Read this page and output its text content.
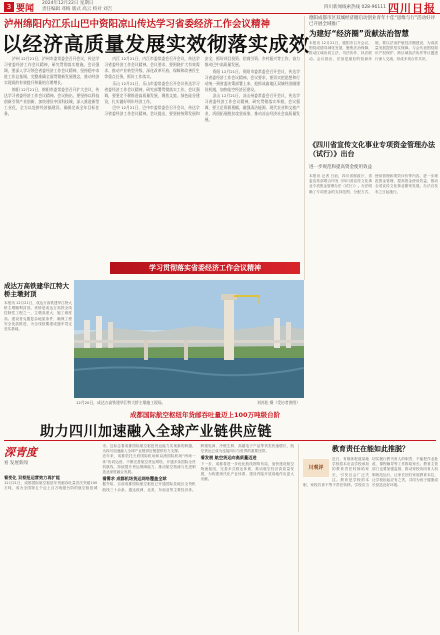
3 要闻
2024年12月22日 星期日
责任编辑 邓梅 版式 高云 校对 刘吉	四川新闻线索热线 028-96111 四川日报
泸州绵阳内江乐山巴中资阳凉山传达学习省委经济工作会议精神
以经济高质量发展实效彻落实成效

泸州 12月21日，泸州市委常委会召开会议，传达学习省委经济工作会议精神，研究贯彻落实措施。会议强调，要深入学习领会省委经济工作会议精神，坚持稳中求进工作总基调，完整准确全面贯彻新发展理念，推动经济实现质的有效提升和量的合理增长。

绵阳 12月21日，绵阳市委常委会召开扩大会议，传达学习省委经济工作会议精神。会议指出，要坚持以科技创新引领产业创新，加快建设中国科技城，深入推进新型工业化，全力以赴拼经济搞建设，确保完成全年目标任务。

内江 12月21日，内江市委常委会召开会议，传达学习省委经济工作会议精神。会议要求，要围绕扩大有效需求、推动产业转型升级、深化改革开放、保障和改善民生等重点任务，抓好工作落实。

乐山 12月21日，乐山市委常委会召开会议传达学习省委经济工作会议精神，研究部署贯彻落实工作。会议强调，要坚定不移推进高质量发展，聚焦文旅、绿色硅谷建设，扎实做好明年经济工作。

巴中 12月21日，巴中市委常委会召开会议，传达学习省委经济工作会议精神。会议提出，要坚持统筹发展和安全，抓好项目投资、招商引资、乡村振兴等工作，奋力推动巴中高质量发展。

资阳 12月21日，资阳市委常委会召开会议，传达学习省委经济工作会议精神。会议要求，要切实把思想和行动统一到省委决策部署上来，抢抓成渝地区双城经济圈建设机遇，加快临空经济区建设。

凉山 12月21日，凉山州委常委会召开会议，传达学习省委经济工作会议精神，研究贯彻落实举措。会议强调，要立足资源禀赋，做强清洁能源、现代农业和文旅产业，巩固拓展脱贫攻坚成果，推动凉山经济社会高质量发展。

学习贯彻落实省委经济工作会议精神
德阳成都市区双城经济圈启动创业青年十佳“思维与行”活动好评已开展全域推广
为建好“经济圈”贡献法治智慧
本报讯 12月21日，德阳市召开会议，围绕成德同城化发展，聚焦法治保障，推动区域协同立法、司法协作、执法联动。会议指出，法治是最好的营商环境，要以法治护航经济圈建设，为高质量发展提供坚实保障。与会代表围绕知识产权保护、跨区域执法协作等议题进行深入交流，形成多项合作共识。
《四川省宣传文化事业专项资金管理办法（试行）》出台
进一步规范和提高资金使用效益
本报讯 记者 日前，四川省财政厅、省委宣传部联合印发《四川省宣传文化事业专项资金管理办法（试行）》。办法明确了专项资金的支持范围、分配方式、使用管理和绩效评价等内容，进一步规范资金管理，提高资金使用效益，推动全省宣传文化事业繁荣发展。办法自发布之日起施行。
成达万高铁建华江特大桥主墩封顶
本报讯 12月21日，成达万高铁建华江特大桥主墩顺利封顶。该桥是成达万高铁全线控制性工程之一，主墩高度大，施工难度高。建设者克服复杂地质条件，确保工程安全优质推进，为全线按期建成通车奠定坚实基础。
12月20日，成达万高铁建华江特大桥主墩施工现场。	刘苏松 摄（受访者供图）
成都国际航空枢纽年货邮吞吐量迈上100万吨级台阶
助力四川加速融入全球产业链供应链
看变化 双枢纽运营效力再扩能

12月21日，成都国际航空枢纽年货邮吞吐量首次突破100万吨，成为全国第五个迈上百万吨级台阶的航空枢纽城市。这标志着成都国际航空枢纽货运能力实现新的跨越，为四川加速融入全球产业链供应链提供有力支撑。

近年来，成都依托天府国际机场和双流国际机场“两场一体”协同运营，不断完善航空货运网络，开通多条国际全货机航线，持续提升货运保障能力，推动航空物流与先进制造业深度融合发展。

看需求 成都机场货运网络覆盖全球

据介绍，目前成都国际航空枢纽已开通国际及地区全货机航线三十余条，通达欧洲、北美、东南亚等主要经济体。跨境电商、冷链生鲜、高端电子产品等货类快速增长，航空货运已成为连接四川与世界的重要纽带。

看发展 航空货运向高质量迈进

下一步，成都将进一步优化航线网络布局，加快建设航空物流枢纽，完善多式联运体系，推动航空经济高质量发展，为构建现代化产业体系、建设内陆开放高地作出更大贡献。

深青度
看 发展新闻
教育责任在能如此推脱？
川观评
近日，有媒体报道某地学校将本应由学校承担的教育责任转嫁给家长，引发社会广泛关注。教育是学校的本职，家校共育不等于责任转移。学校应当切实履行教书育人的职责，不能把作业批改、课程辅导等工作推给家长。教育主管部门也要加强监督，推动家校协同育人机制规范运行，让家长回归家庭教育本位，让学校担起应有之责，共同为孩子健康成长营造良好环境。
